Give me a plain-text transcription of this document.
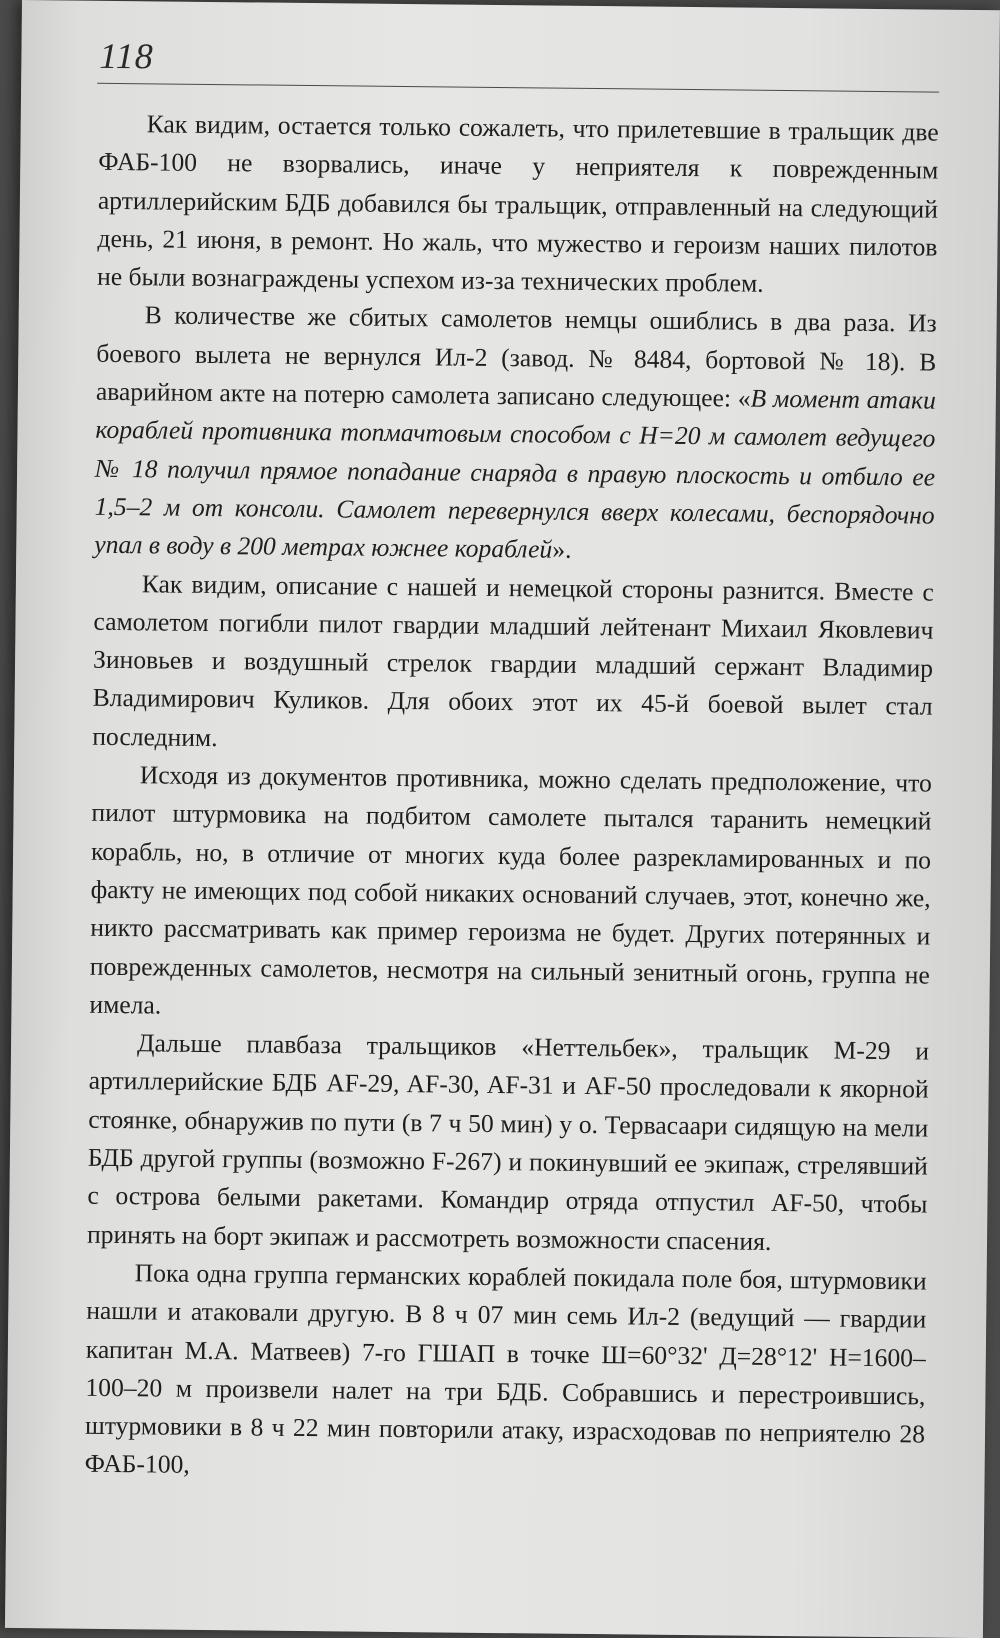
118

Как видим, остается только сожалеть, что прилетевшие в тральщик две ФАБ-100 не взорвались, иначе у неприятеля к поврежденным артиллерийским БДБ добавился бы тральщик, отправленный на следующий день, 21 июня, в ремонт. Но жаль, что мужество и героизм наших пилотов не были вознаграждены успехом из-за технических проблем.

В количестве же сбитых самолетов немцы ошиблись в два раза. Из боевого вылета не вернулся Ил-2 (завод. № 8484, бортовой № 18). В аварийном акте на потерю самолета записано следующее: «В момент атаки кораблей противника топмачтовым способом с Н=20 м самолет ведущего № 18 получил прямое попадание снаряда в правую плоскость и отбило ее 1,5–2 м от консоли. Самолет перевернулся вверх колесами, беспорядочно упал в воду в 200 метрах южнее кораблей».

Как видим, описание с нашей и немецкой стороны разнится. Вместе с самолетом погибли пилот гвардии младший лейтенант Михаил Яковлевич Зиновьев и воздушный стрелок гвардии младший сержант Владимир Владимирович Куликов. Для обоих этот их 45-й боевой вылет стал последним.

Исходя из документов противника, можно сделать предположение, что пилот штурмовика на подбитом самолете пытался таранить немецкий корабль, но, в отличие от многих куда более разрекламированных и по факту не имеющих под собой никаких оснований случаев, этот, конечно же, никто рассматривать как пример героизма не будет. Других потерянных и поврежденных самолетов, несмотря на сильный зенитный огонь, группа не имела.

Дальше плавбаза тральщиков «Неттельбек», тральщик М-29 и артиллерийские БДБ AF-29, AF-30, AF-31 и AF-50 проследовали к якорной стоянке, обнаружив по пути (в 7 ч 50 мин) у о. Тервасаари сидящую на мели БДБ другой группы (возможно F-267) и покинувший ее экипаж, стрелявший с острова белыми ракетами. Командир отряда отпустил AF-50, чтобы принять на борт экипаж и рассмотреть возможности спасения.

Пока одна группа германских кораблей покидала поле боя, штурмовики нашли и атаковали другую. В 8 ч 07 мин семь Ил-2 (ведущий — гвардии капитан М.А. Матвеев) 7-го ГШАП в точке Ш=60°32' Д=28°12' Н=1600–100–20 м произвели налет на три БДБ. Собравшись и перестроившись, штурмовики в 8 ч 22 мин повторили атаку, израсходовав по неприятелю 28 ФАБ-100,
